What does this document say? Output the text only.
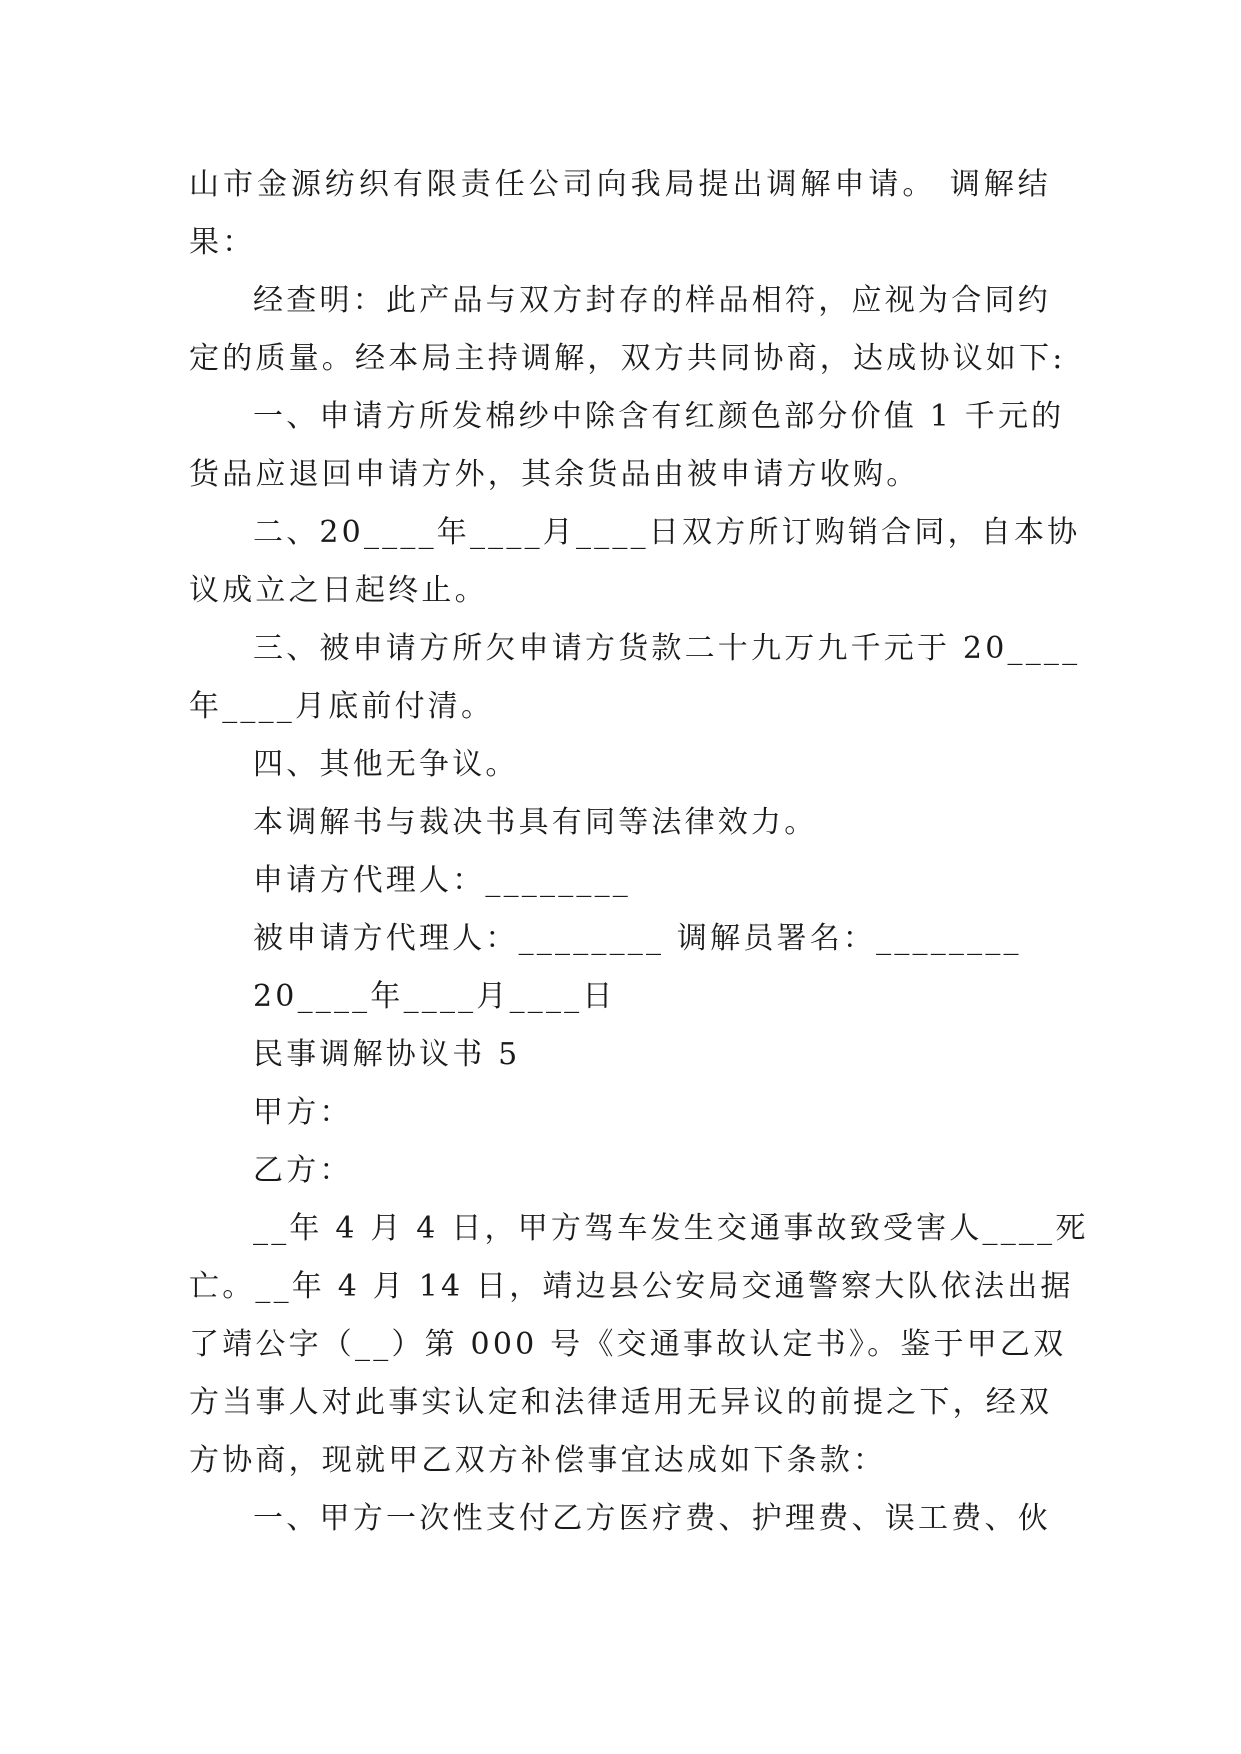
山市金源纺织有限责任公司向我局提出调解申请。 调解结
果：
经查明：此产品与双方封存的样品相符，应视为合同约
定的质量。经本局主持调解，双方共同协商，达成协议如下:
一、申请方所发棉纱中除含有红颜色部分价值 1 千元的
货品应退回申请方外，其余货品由被申请方收购。
二、20____年____月____日双方所订购销合同，自本协
议成立之日起终止。
三、被申请方所欠申请方货款二十九万九千元于 20____
年____月底前付清。
四、其他无争议。
本调解书与裁决书具有同等法律效力。
申请方代理人：________
被申请方代理人：________ 调解员署名：________
20____年____月____日
民事调解协议书 5
甲方：
乙方：
__年 4 月 4 日，甲方驾车发生交通事故致受害人____死
亡。__年 4 月 14 日，靖边县公安局交通警察大队依法出据
了靖公字（__）第 000 号《交通事故认定书》。鉴于甲乙双
方当事人对此事实认定和法律适用无异议的前提之下，经双
方协商，现就甲乙双方补偿事宜达成如下条款：
一、甲方一次性支付乙方医疗费、护理费、误工费、伙
